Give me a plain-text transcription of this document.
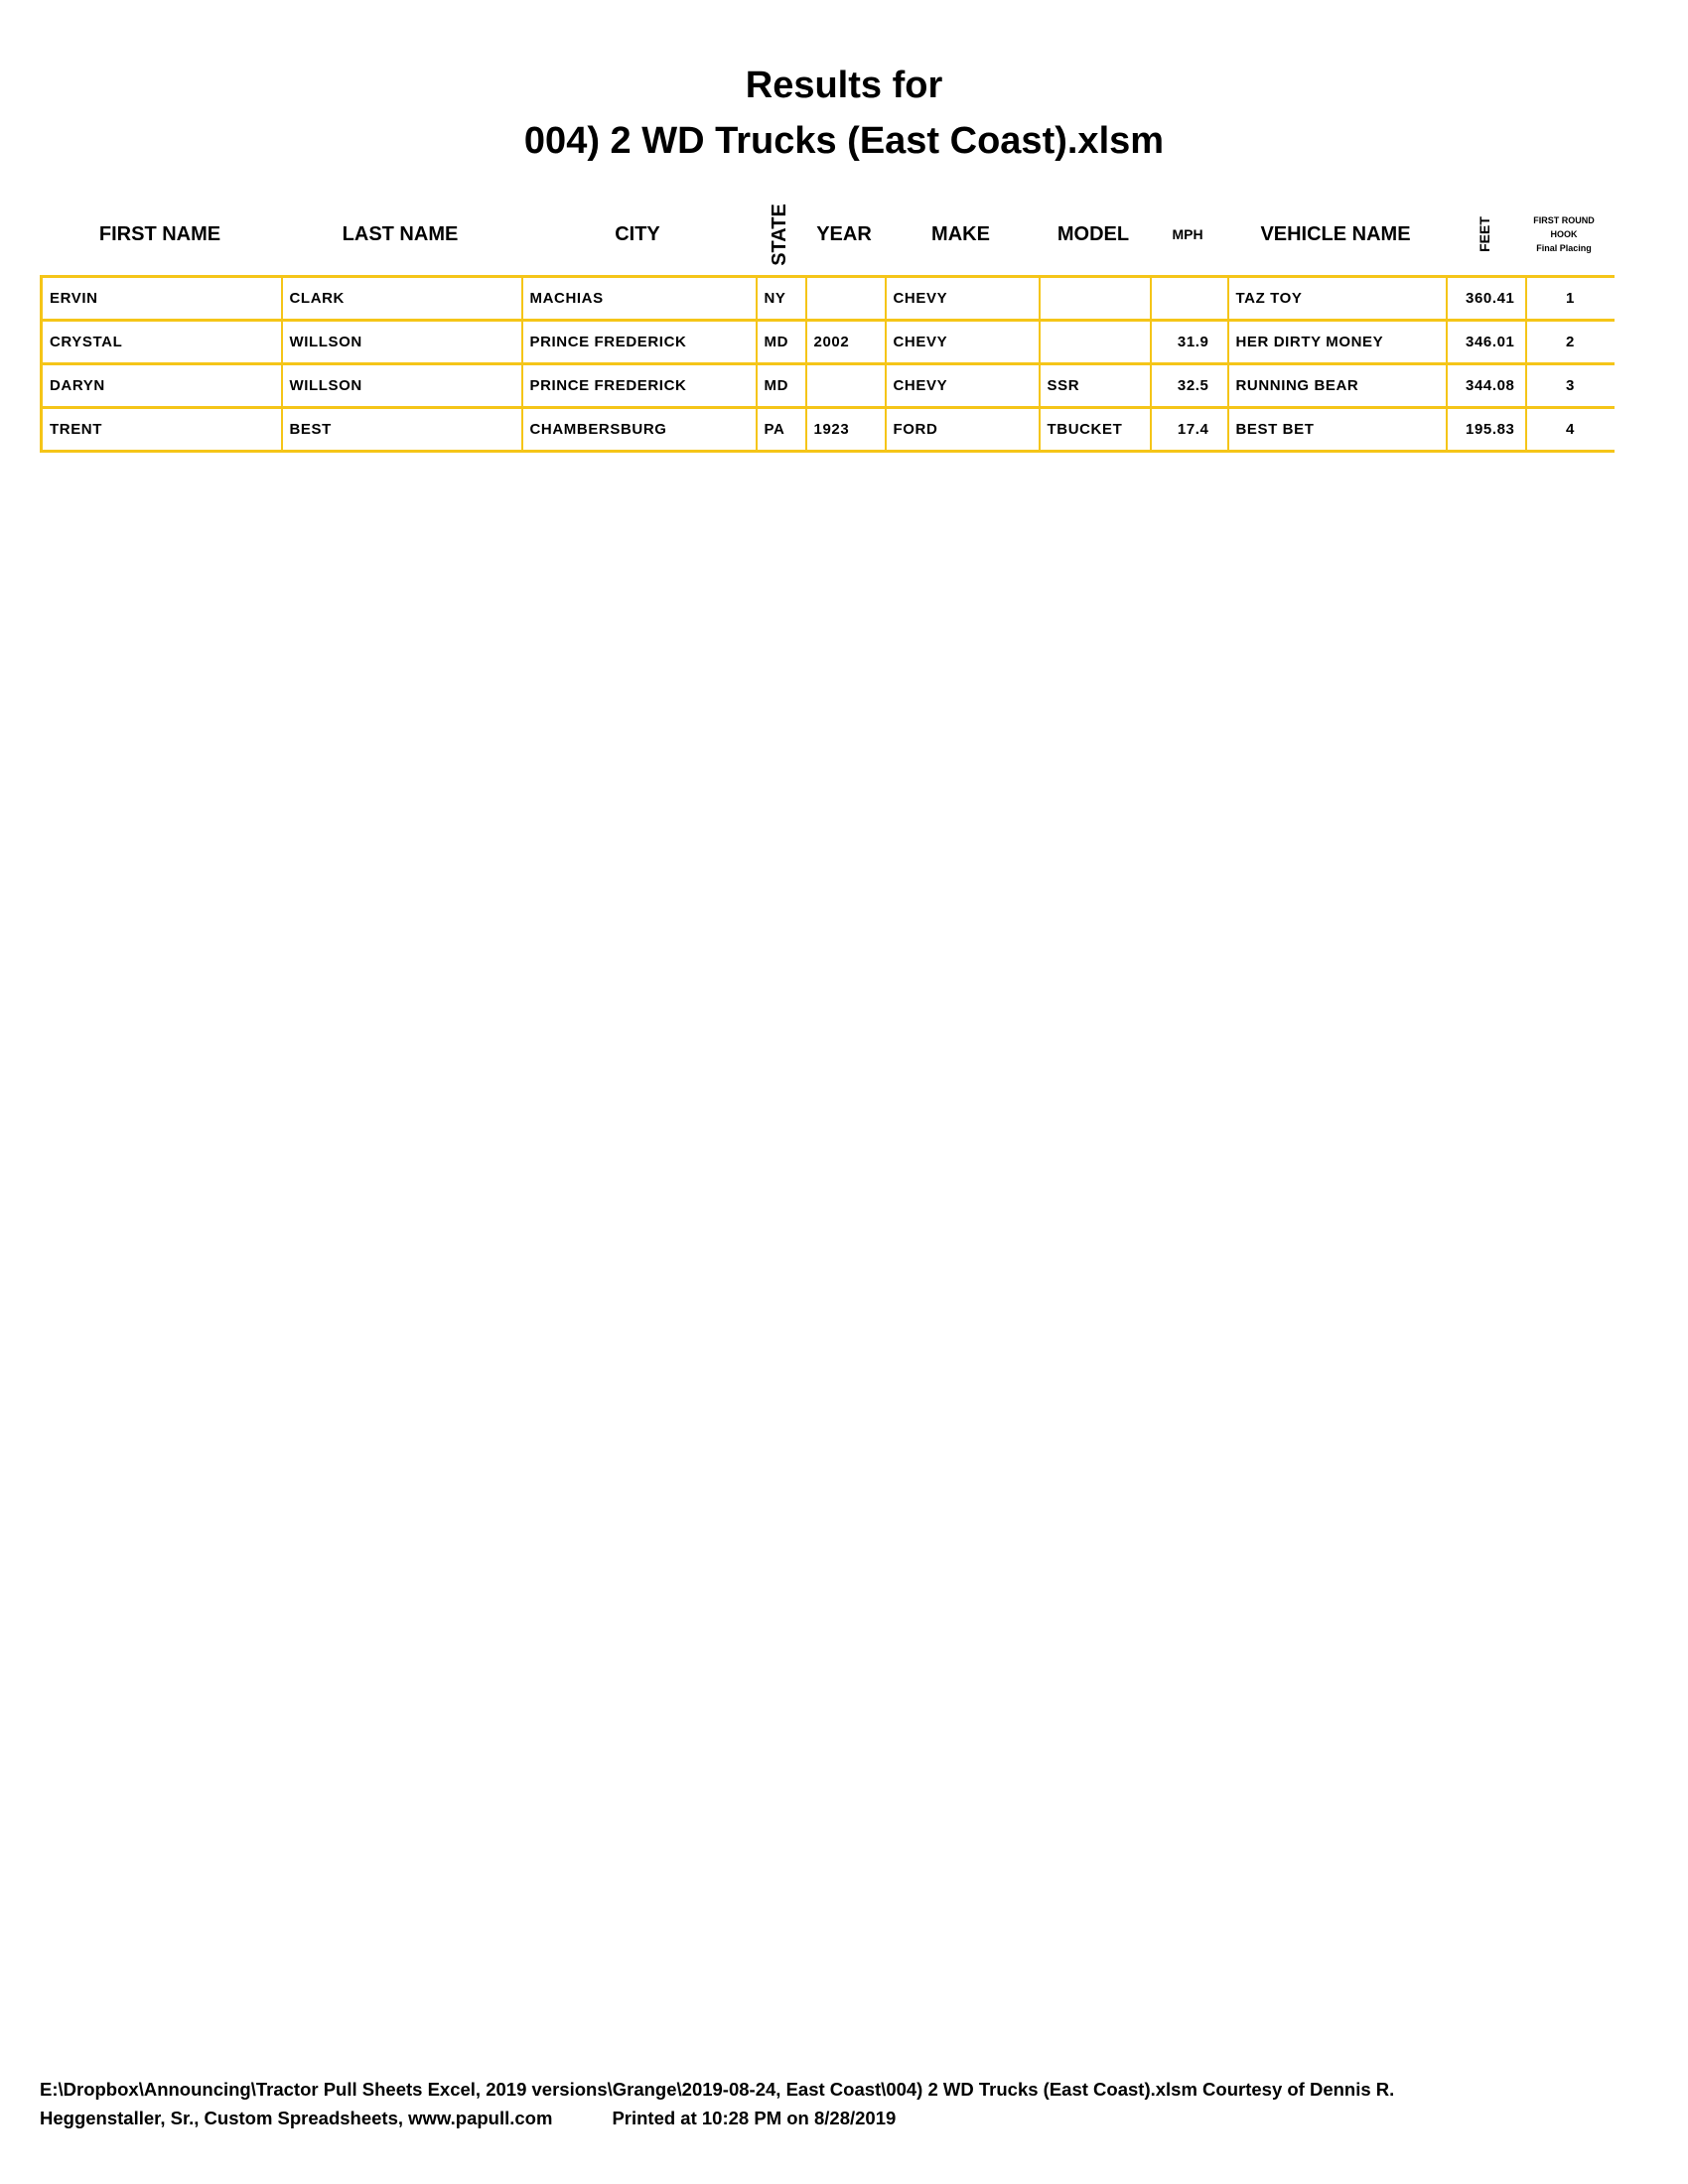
Results for
004) 2 WD Trucks (East Coast).xlsm
FIRST NAME	LAST NAME	CITY	STATE	YEAR	MAKE	MODEL	MPH	VEHICLE NAME	FEET	FIRST ROUND
HOOK
Final Placing
ERVIN	CLARK	MACHIAS	NY		CHEVY			TAZ TOY	360.41	1
CRYSTAL	WILLSON	PRINCE FREDERICK	MD	2002	CHEVY		31.9	HER DIRTY MONEY	346.01	2
DARYN	WILLSON	PRINCE FREDERICK	MD		CHEVY	SSR	32.5	RUNNING BEAR	344.08	3
TRENT	BEST	CHAMBERSBURG	PA	1923	FORD	TBUCKET	17.4	BEST BET	195.83	4
E:\Dropbox\Announcing\Tractor Pull Sheets Excel, 2019 versions\Grange\2019-08-24, East Coast\004) 2 WD Trucks (East Coast).xlsm Courtesy of Dennis R.
Heggenstaller, Sr., Custom Spreadsheets, www.papull.com	Printed at 10:28 PM on 8/28/2019
